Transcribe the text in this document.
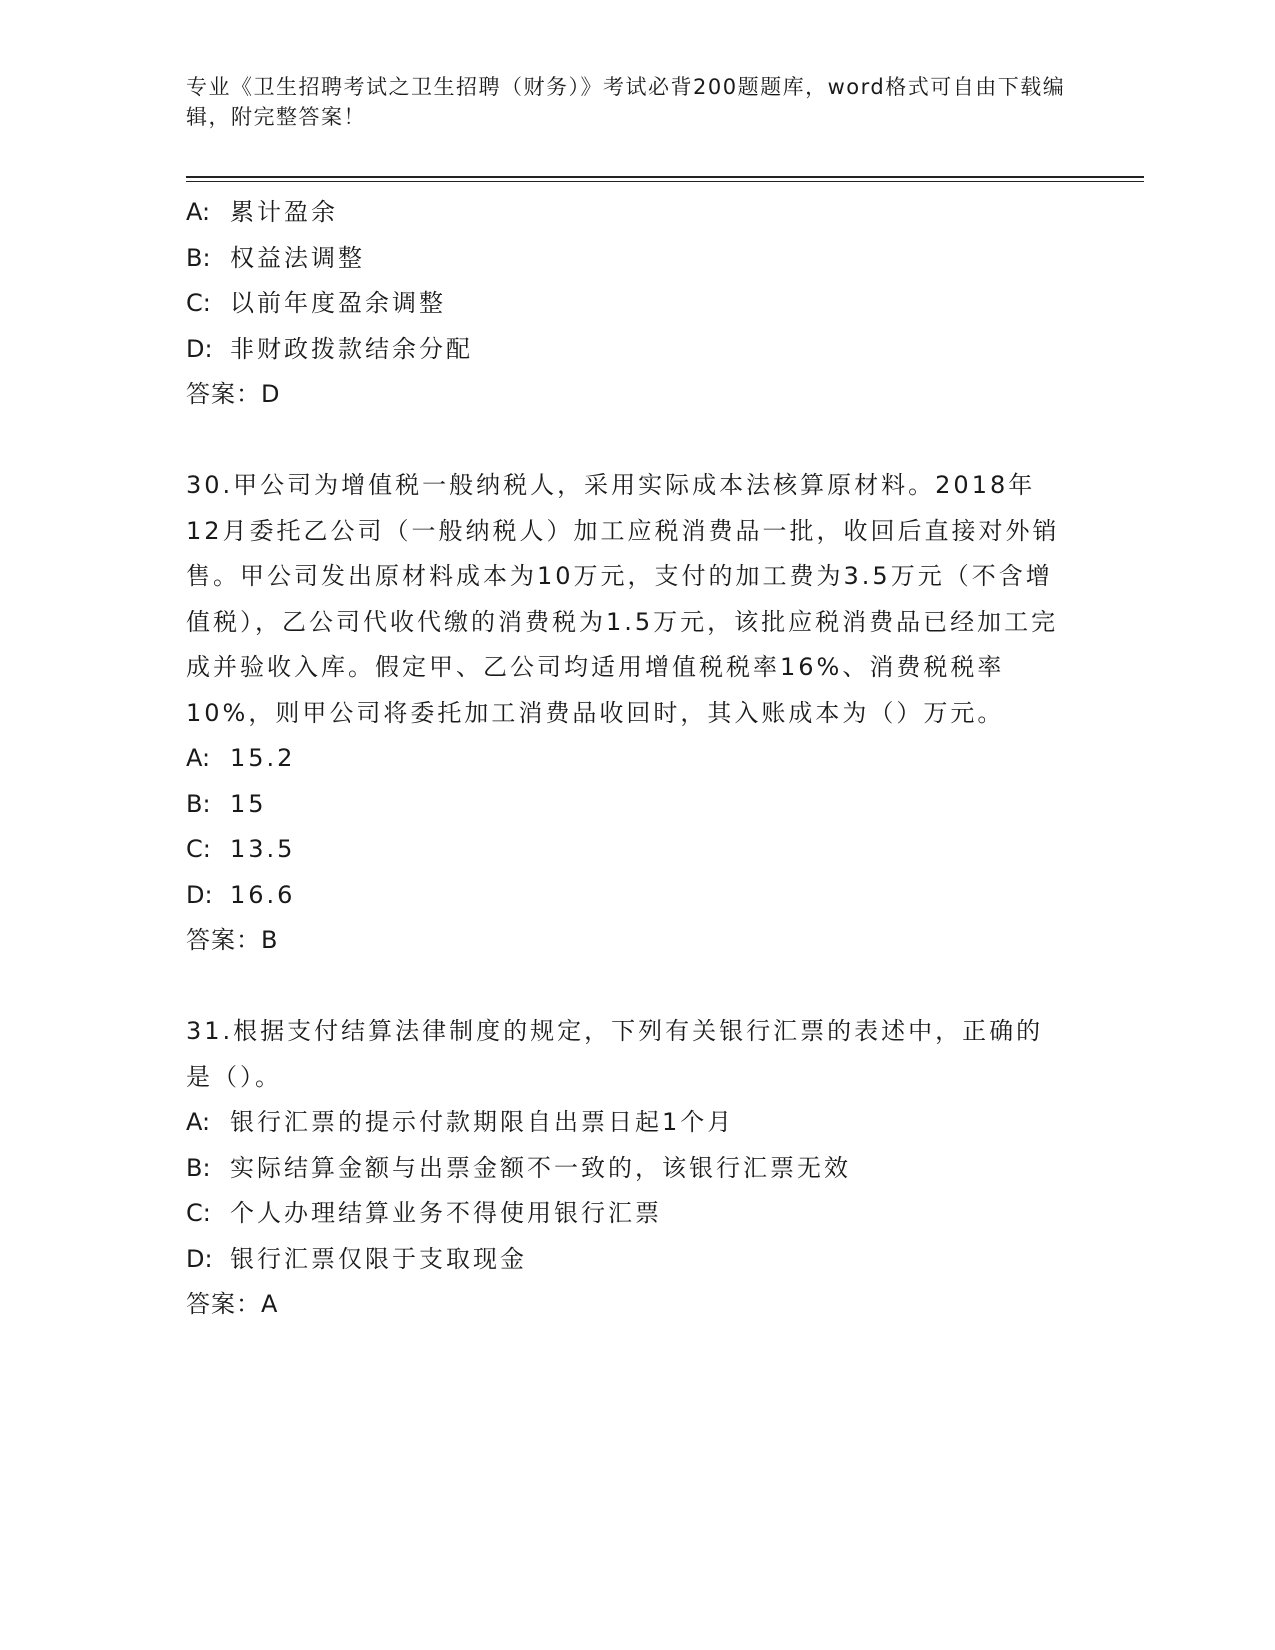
专业《卫生招聘考试之卫生招聘（财务）》考试必背200题题库，word格式可自由下载编辑，附完整答案！
A: 累计盈余
B: 权益法调整
C: 以前年度盈余调整
D: 非财政拨款结余分配
答案：D
30.甲公司为增值税一般纳税人，采用实际成本法核算原材料。2018年12月委托乙公司（一般纳税人）加工应税消费品一批，收回后直接对外销售。甲公司发出原材料成本为10万元，支付的加工费为3.5万元（不含增值税），乙公司代收代缴的消费税为1.5万元，该批应税消费品已经加工完成并验收入库。假定甲、乙公司均适用增值税税率16%、消费税税率10%，则甲公司将委托加工消费品收回时，其入账成本为（）万元。
A: 15.2
B: 15
C: 13.5
D: 16.6
答案：B
31.根据支付结算法律制度的规定，下列有关银行汇票的表述中，正确的是（）。
A: 银行汇票的提示付款期限自出票日起1个月
B: 实际结算金额与出票金额不一致的，该银行汇票无效
C: 个人办理结算业务不得使用银行汇票
D: 银行汇票仅限于支取现金
答案：A
